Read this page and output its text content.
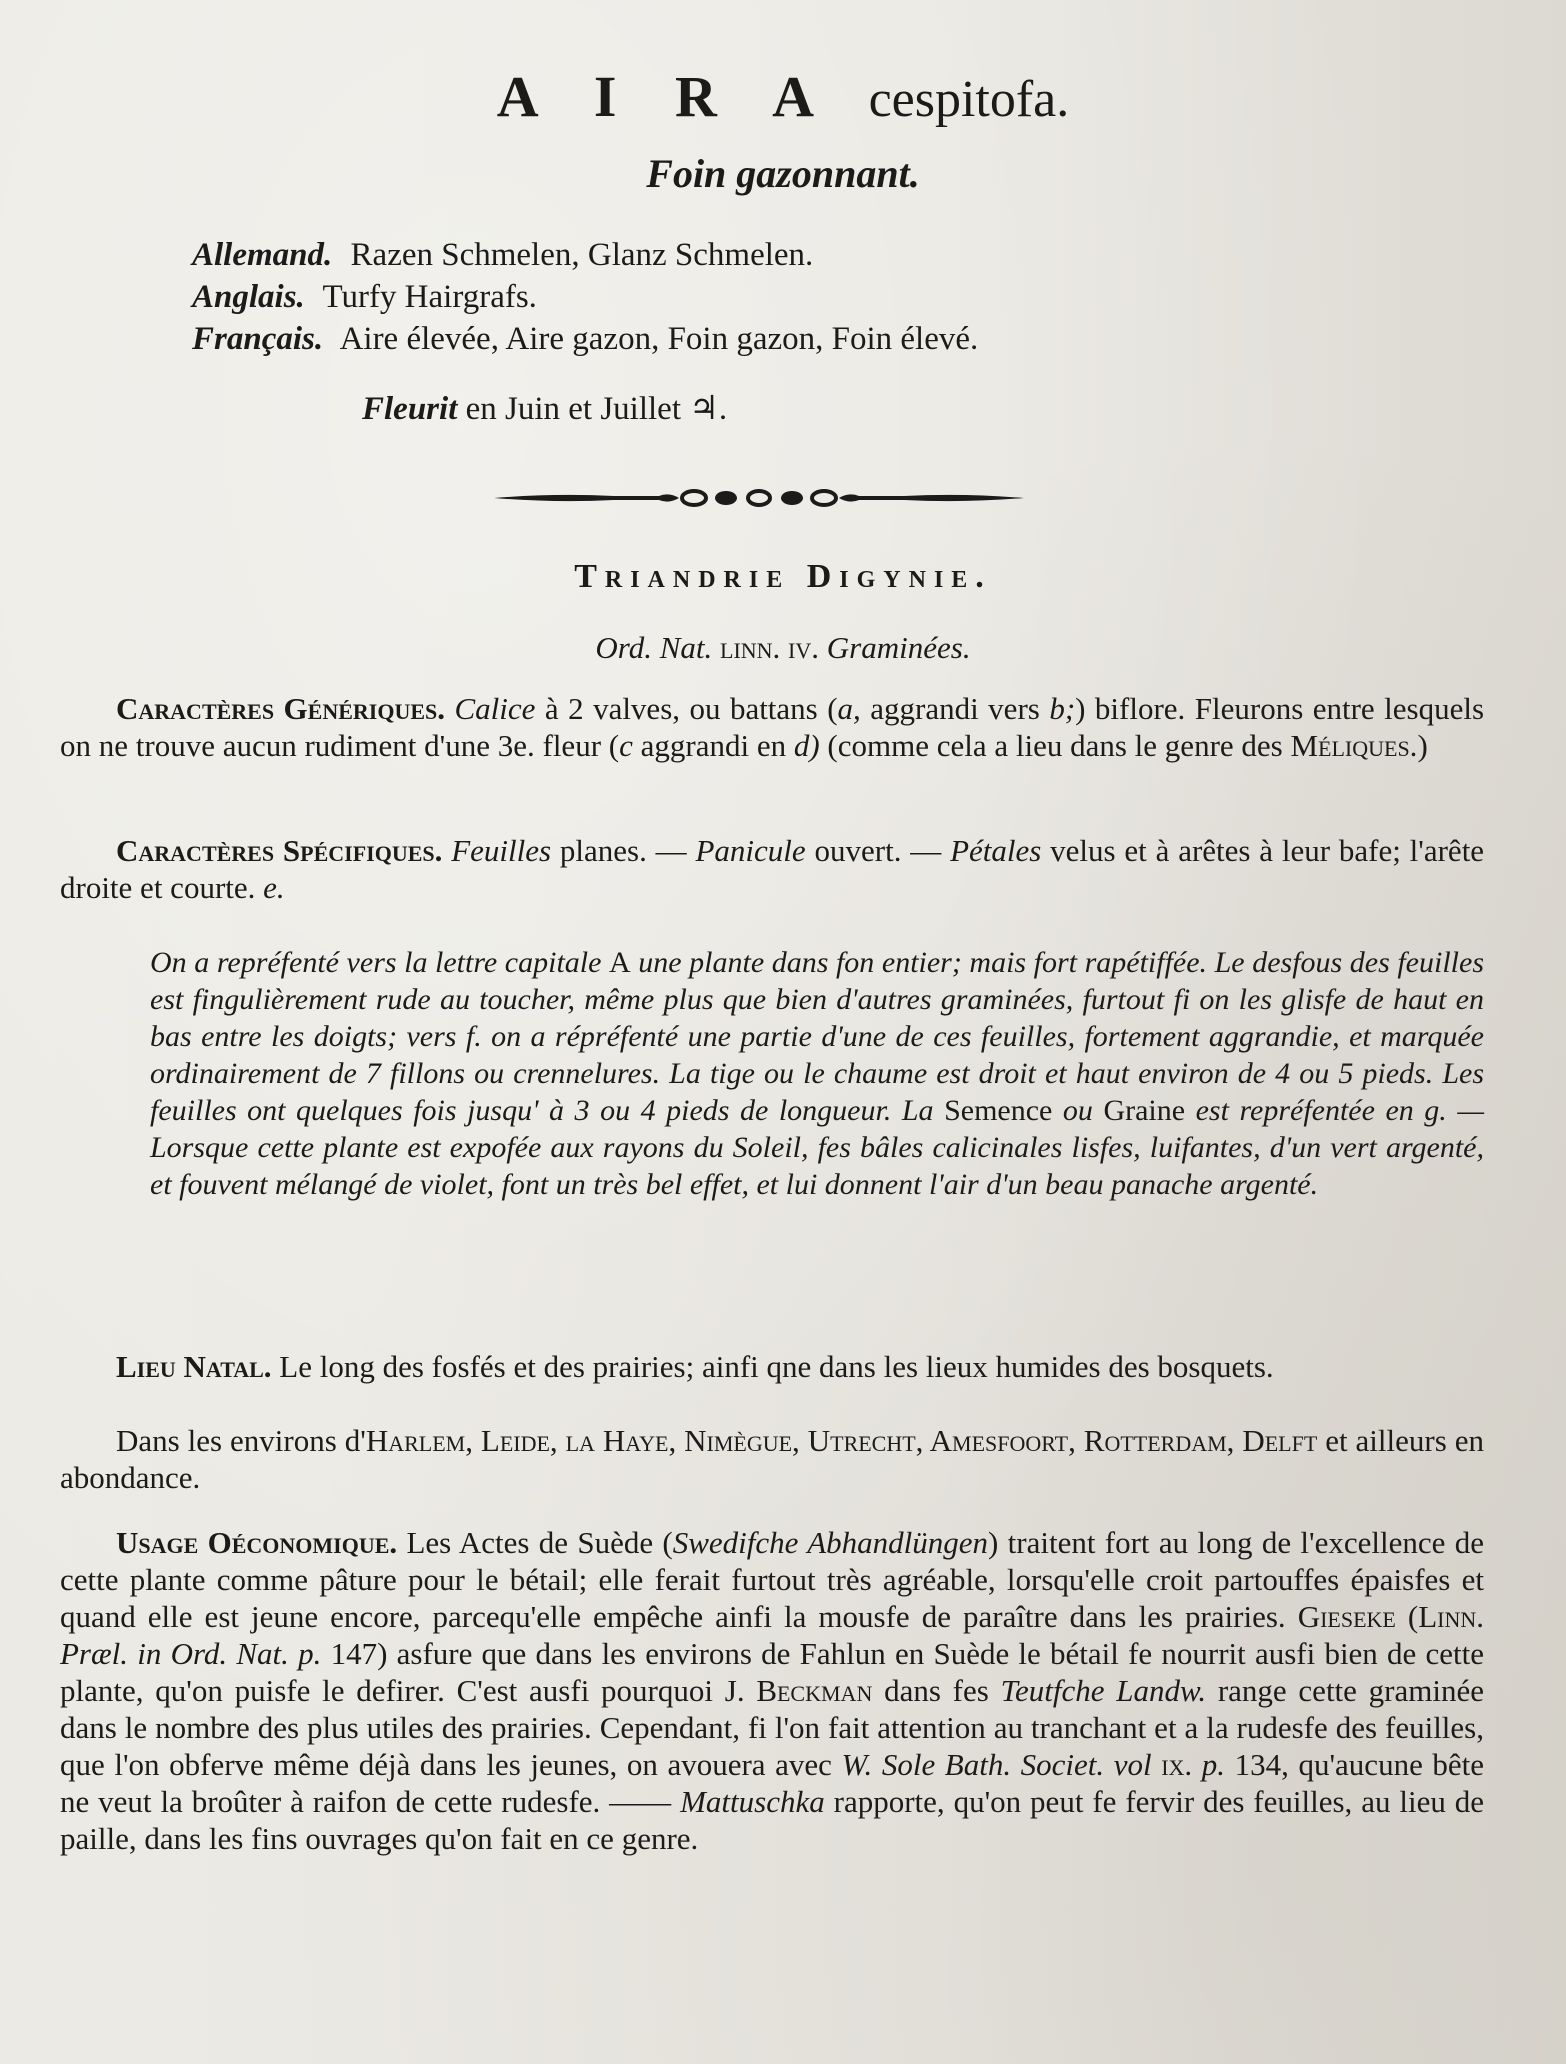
A I R A cespitofa.
Foin gazonnant.
Allemand. Razen Schmelen, Glanz Schmelen.
Anglais. Turfy Hairgrafs.
Français. Aire élevée, Aire gazon, Foin gazon, Foin élevé.
Fleurit en Juin et Juillet ♃.
Triandrie Digynie.
Ord. Nat. linn. iv. Graminées.
Caractères Génériques. Calice à 2 valves, ou battans (a, aggrandi vers b;) biflore. Fleurons entre lesquels on ne trouve aucun rudiment d'une 3e. fleur (c aggrandi en d) (comme cela a lieu dans le genre des Méliques.)
Caractères Spécifiques. Feuilles planes. — Panicule ouvert. — Pétales velus et à arêtes à leur bafe; l'arête droite et courte. e.
On a repréfenté vers la lettre capitale A une plante dans fon entier; mais fort rapétiffée. Le desfous des feuilles est fingulièrement rude au toucher, même plus que bien d'autres graminées, furtout fi on les glisfe de haut en bas entre les doigts; vers f. on a répréfenté une partie d'une de ces feuilles, fortement aggrandie, et marquée ordinairement de 7 fillons ou crennelures. La tige ou le chaume est droit et haut environ de 4 ou 5 pieds. Les feuilles ont quelques fois jusqu' à 3 ou 4 pieds de longueur. La Semence ou Graine est repréfentée en g. — Lorsque cette plante est expofée aux rayons du Soleil, fes bâles calicinales lisfes, luifantes, d'un vert argenté, et fouvent mélangé de violet, font un très bel effet, et lui donnent l'air d'un beau panache argenté.
Lieu Natal. Le long des fosfés et des prairies; ainfi qne dans les lieux humides des bosquets.
Dans les environs d'Harlem, Leide, la Haye, Nimègue, Utrecht, Amesfoort, Rotterdam, Delft et ailleurs en abondance.
Usage Oéconomique. Les Actes de Suède (Swedifche Abhandlüngen) traitent fort au long de l'excellence de cette plante comme pâture pour le bétail; elle ferait furtout très agréable, lorsqu'elle croit partouffes épaisfes et quand elle est jeune encore, parcequ'elle empêche ainfi la mousfe de paraître dans les prairies. Gieseke (Linn. Præl. in Ord. Nat. p. 147) asfure que dans les environs de Fahlun en Suède le bétail fe nourrit ausfi bien de cette plante, qu'on puisfe le defirer. C'est ausfi pourquoi J. Beckman dans fes Teutfche Landw. range cette graminée dans le nombre des plus utiles des prairies. Cependant, fi l'on fait attention au tranchant et a la rudesfe des feuilles, que l'on obferve même déjà dans les jeunes, on avouera avec W. Sole Bath. Societ. vol ix. p. 134, qu'aucune bête ne veut la broûter à raifon de cette rudesfe. —— Mattuschka rapporte, qu'on peut fe fervir des feuilles, au lieu de paille, dans les fins ouvrages qu'on fait en ce genre.
